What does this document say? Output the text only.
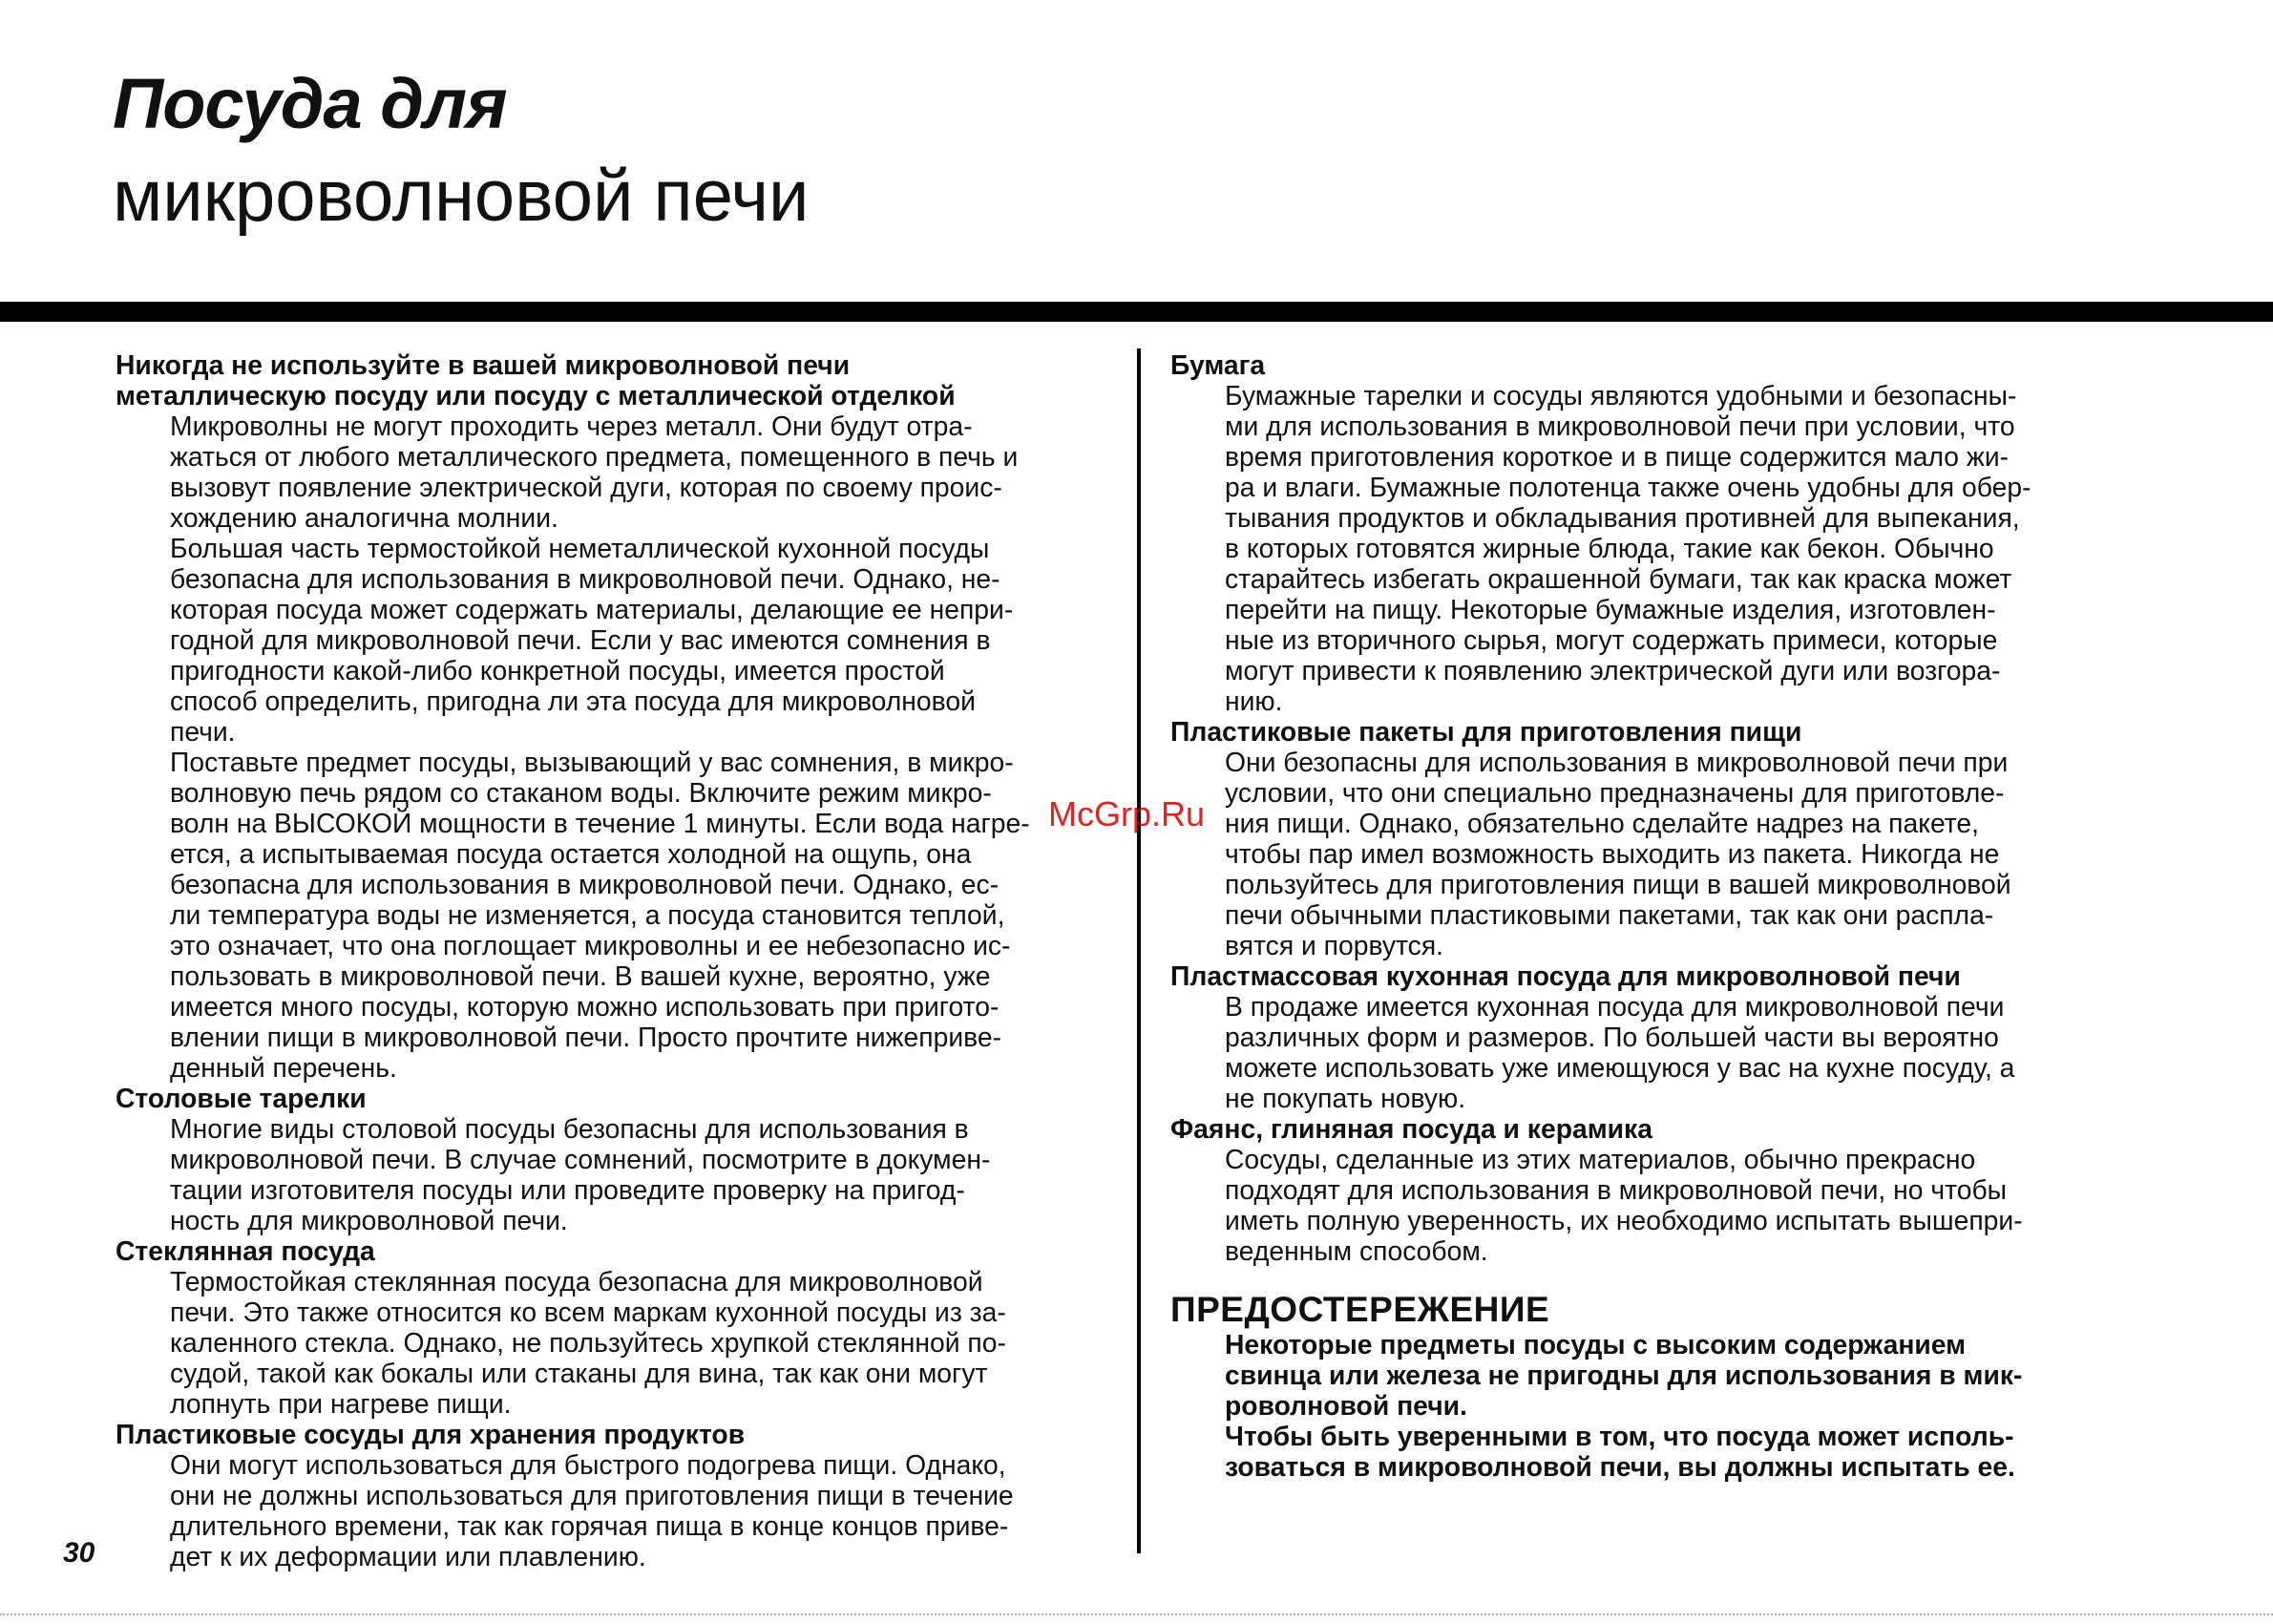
Посуда для
микроволновой печи
Никогда не используйте в вашей микроволновой печи
металлическую посуду или посуду с металлической отделкой
Микроволны не могут проходить через металл. Они будут отра-
жаться от любого металлического предмета, помещенного в печь и
вызовут появление электрической дуги, которая по своему проис-
хождению аналогична молнии.
Большая часть термостойкой неметаллической кухонной посуды
безопасна для использования в микроволновой печи. Однако, не-
которая посуда может содержать материалы, делающие ее непри-
годной для микроволновой печи. Если у вас имеются сомнения в
пригодности какой-либо конкретной посуды, имеется простой
способ определить, пригодна ли эта посуда для микроволновой
печи.
Поставьте предмет посуды, вызывающий у вас сомнения, в микро-
волновую печь рядом со стаканом воды. Включите режим микро-
волн на ВЫСОКОЙ мощности в течение 1 минуты. Если вода нагре-
ется, а испытываемая посуда остается холодной на ощупь, она
безопасна для использования в микроволновой печи. Однако, ес-
ли температура воды не изменяется, а посуда становится теплой,
это означает, что она поглощает микроволны и ее небезопасно ис-
пользовать в микроволновой печи. В вашей кухне, вероятно, уже
имеется много посуды, которую можно использовать при пригото-
влении пищи в микроволновой печи. Просто прочтите нижеприве-
денный перечень.
Столовые тарелки
Многие виды столовой посуды безопасны для использования в
микроволновой печи. В случае сомнений, посмотрите в докумен-
тации изготовителя посуды или проведите проверку на пригод-
ность для микроволновой печи.
Стеклянная посуда
Термостойкая стеклянная посуда безопасна для микроволновой
печи. Это также относится ко всем маркам кухонной посуды из за-
каленного стекла. Однако, не пользуйтесь хрупкой стеклянной по-
судой, такой как бокалы или стаканы для вина, так как они могут
лопнуть при нагреве пищи.
Пластиковые сосуды для хранения продуктов
Они могут использоваться для быстрого подогрева пищи. Однако,
они не должны использоваться для приготовления пищи в течение
длительного времени, так как горячая пища в конце концов приве-
дет к их деформации или плавлению.
Бумага
Бумажные тарелки и сосуды являются удобными и безопасны-
ми для использования в микроволновой печи при условии, что
время приготовления короткое и в пище содержится мало жи-
ра и влаги. Бумажные полотенца также очень удобны для обер-
тывания продуктов и обкладывания противней для выпекания,
в которых готовятся жирные блюда, такие как бекон. Обычно
старайтесь избегать окрашенной бумаги, так как краска может
перейти на пищу. Некоторые бумажные изделия, изготовлен-
ные из вторичного сырья, могут содержать примеси, которые
могут привести к появлению электрической дуги или возгора-
нию.
Пластиковые пакеты для приготовления пищи
Они безопасны для использования в микроволновой печи при
условии, что они специально предназначены для приготовле-
ния пищи. Однако, обязательно сделайте надрез на пакете,
чтобы пар имел возможность выходить из пакета. Никогда не
пользуйтесь для приготовления пищи в вашей микроволновой
печи обычными пластиковыми пакетами, так как они распла-
вятся и порвутся.
Пластмассовая кухонная посуда для микроволновой печи
В продаже имеется кухонная посуда для микроволновой печи
различных форм и размеров. По большей части вы вероятно
можете использовать уже имеющуюся у вас на кухне посуду, а
не покупать новую.
Фаянс, глиняная посуда и керамика
Сосуды, сделанные из этих материалов, обычно прекрасно
подходят для использования в микроволновой печи, но чтобы
иметь полную уверенность, их необходимо испытать вышепри-
веденным способом.
ПРЕДОСТЕРЕЖЕНИЕ
Некоторые предметы посуды с высоким содержанием
свинца или железа не пригодны для использования в мик-
роволновой печи.
Чтобы быть уверенными в том, что посуда может исполь-
зоваться в микроволновой печи, вы должны испытать ее.
McGrp.Ru
30
